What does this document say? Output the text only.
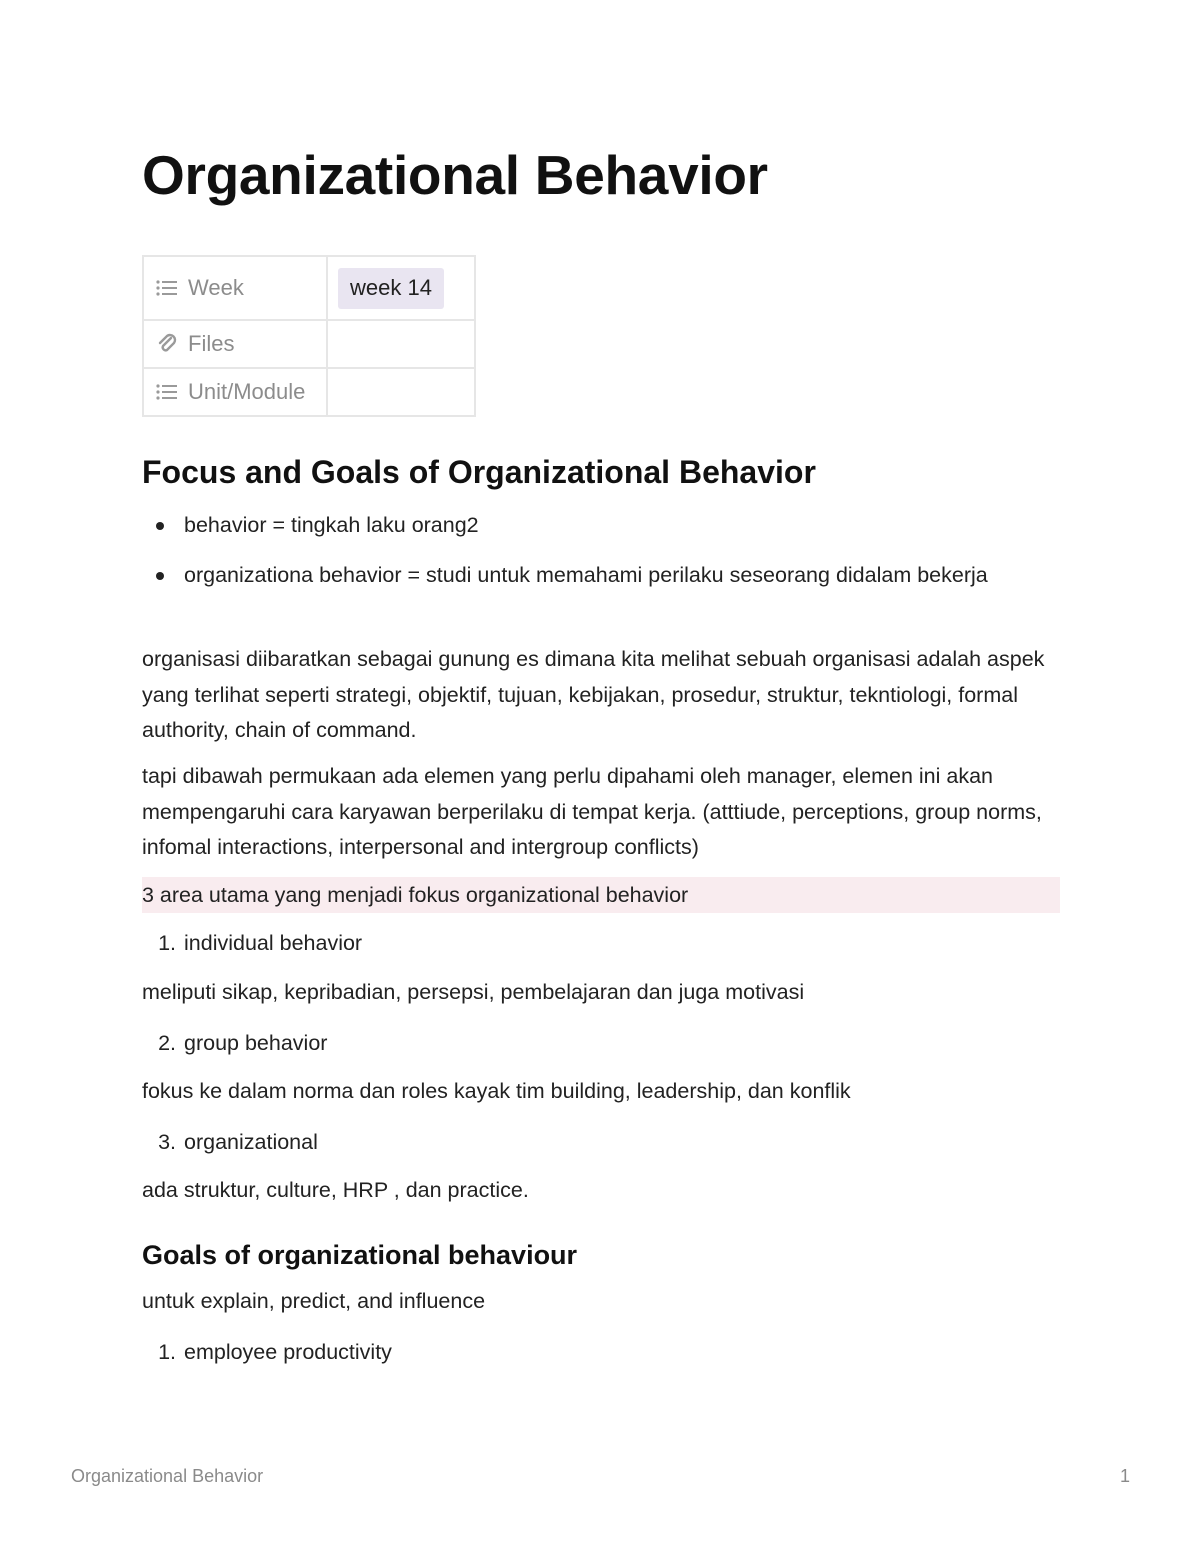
Organizational Behavior
Week	week 14

Files	

Unit/Module	

Focus and Goals of Organizational Behavior
behavior = tingkah laku orang2
organizationa behavior = studi untuk memahami perilaku seseorang didalam bekerja

organisasi diibaratkan sebagai gunung es dimana kita melihat sebuah organisasi adalah aspek yang terlihat seperti strategi, objektif, tujuan, kebijakan, prosedur, struktur, tekntiologi, formal authority, chain of command.

tapi dibawah permukaan ada elemen yang perlu dipahami oleh manager, elemen ini akan mempengaruhi cara karyawan berperilaku di tempat kerja. (atttiude, perceptions, group norms, infomal interactions, interpersonal and intergroup conflicts)

3 area utama yang menjadi fokus organizational behavior
1. individual behavior

meliputi sikap, kepribadian, persepsi, pembelajaran dan juga motivasi

2. group behavior

fokus ke dalam norma dan roles kayak tim building, leadership, dan konflik

3. organizational

ada struktur, culture, HRP , dan practice.

Goals of organizational behaviour

untuk explain, predict, and influence

1. employee productivity
Organizational Behavior	1
